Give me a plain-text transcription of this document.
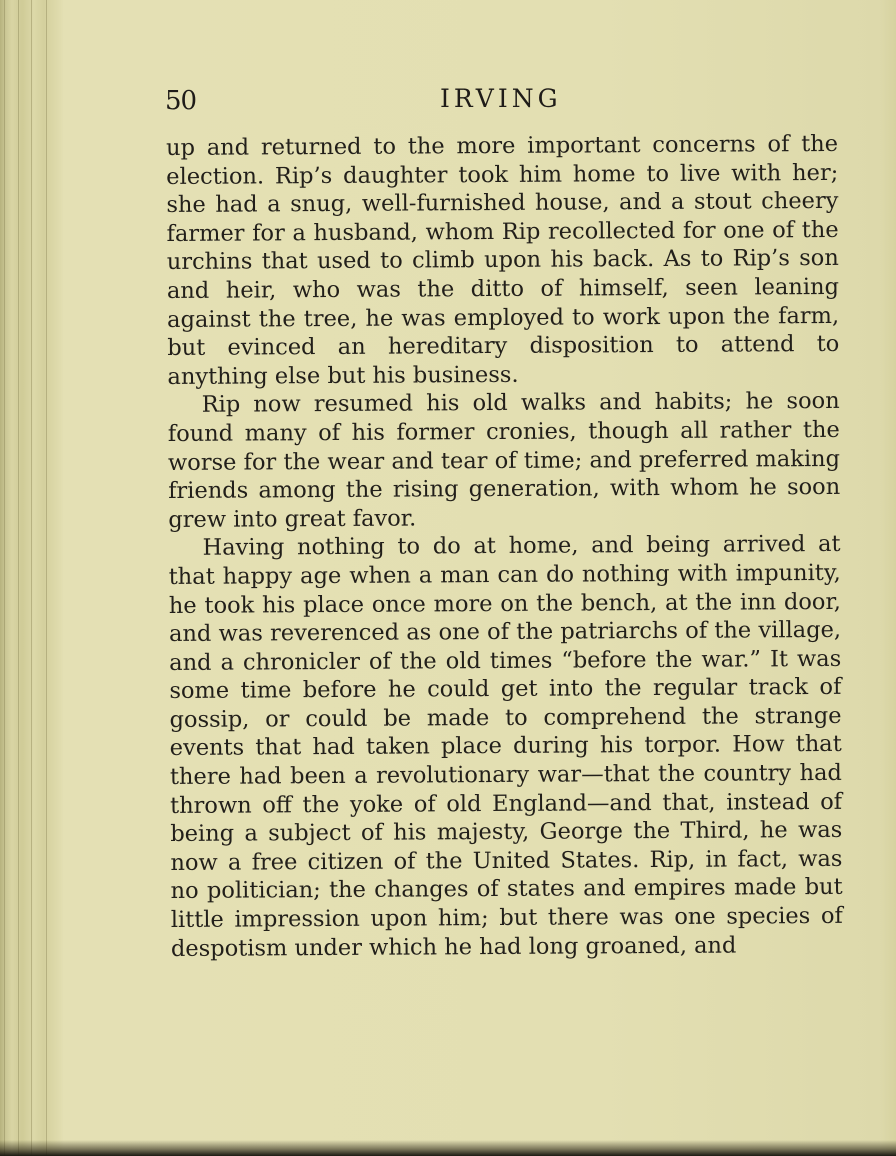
50	IRVING

up and returned to the more important concerns of the election. Rip’s daughter took him home to live with her; she had a snug, well-furnished house, and a stout cheery farmer for a husband, whom Rip recollected for one of the urchins that used to climb upon his back. As to Rip’s son and heir, who was the ditto of himself, seen leaning against the tree, he was employed to work upon the farm, but evinced an hereditary disposition to attend to anything else but his business.

Rip now resumed his old walks and habits; he soon found many of his former cronies, though all rather the worse for the wear and tear of time; and preferred making friends among the rising generation, with whom he soon grew into great favor.

Having nothing to do at home, and being arrived at that happy age when a man can do nothing with impunity, he took his place once more on the bench, at the inn door, and was reverenced as one of the patriarchs of the village, and a chronicler of the old times “before the war.” It was some time before he could get into the regular track of gossip, or could be made to comprehend the strange events that had taken place during his torpor. How that there had been a revolutionary war—that the country had thrown off the yoke of old England—and that, instead of being a subject of his majesty, George the Third, he was now a free citizen of the United States. Rip, in fact, was no politician; the changes of states and empires made but little impression upon him; but there was one species of despotism under which he had long groaned, and
